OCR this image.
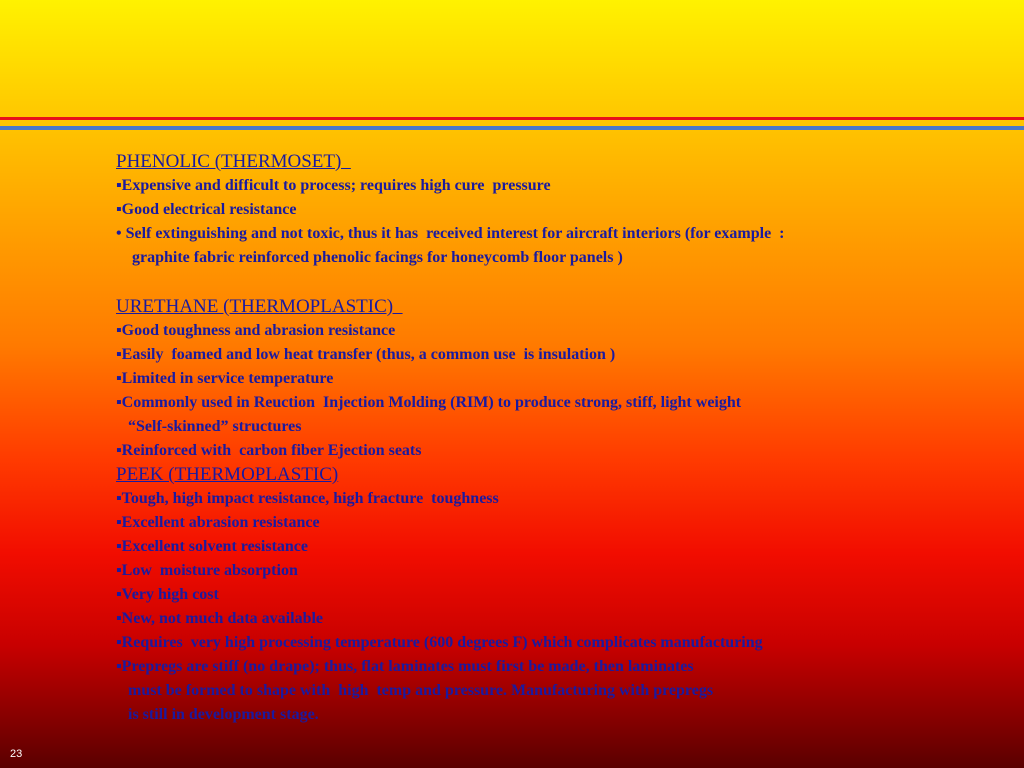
PHENOLIC (THERMOSET)
▪Expensive and difficult to process; requires high cure  pressure
▪Good electrical resistance
• Self extinguishing and not toxic, thus it has  received interest for aircraft interiors (for example  :
graphite fabric reinforced phenolic facings for honeycomb floor panels )
URETHANE (THERMOPLASTIC)
▪Good toughness and abrasion resistance
▪Easily  foamed and low heat transfer (thus, a common use  is insulation )
▪Limited in service temperature
▪Commonly used in Reuction  Injection Molding (RIM) to produce strong, stiff, light weight
“Self-skinned” structures
▪Reinforced with  carbon fiber Ejection seats
PEEK (THERMOPLASTIC)
▪Tough, high impact resistance, high fracture  toughness
▪Excellent abrasion resistance
▪Excellent solvent resistance
▪Low  moisture absorption
▪Very high cost
▪New, not much data available
▪Requires  very high processing temperature (600 degrees F) which complicates manufacturing
▪Prepregs are stiff (no drape); thus, flat laminates must first be made, then laminates
must be formed to shape with  high  temp and pressure. Manufacturing with prepregs
is still in development stage.
23
